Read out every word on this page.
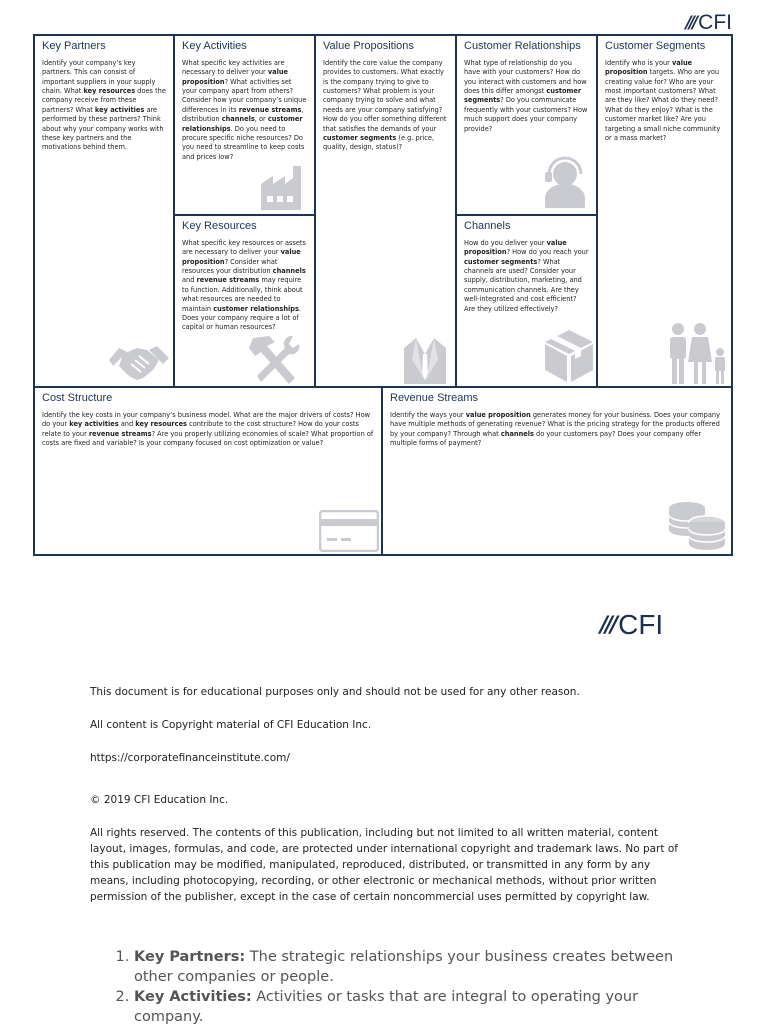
/// CFI
Key Partners

Identify your company’s key partners. This can consist of important suppliers in your supply chain. What key resources does the company receive from these partners? What key activities are performed by these partners? Think about why your company works with these key partners and the motivations behind them.

Key Activities

What specific key activities are necessary to deliver your value proposition? What activities set your company apart from others? Consider how your company’s unique differences in its revenue streams, distribution channels, or customer relationships. Do you need to procure specific niche resources? Do you need to streamline to keep costs and prices low?

Key Resources

What specific key resources or assets are necessary to deliver your value proposition? Consider what resources your distribution channels and revenue streams may require to function. Additionally, think about what resources are needed to maintain customer relationships. Does your company require a lot of capital or human resources?

Value Propositions

Identify the core value the company provides to customers. What exactly is the company trying to give to customers? What problem is your company trying to solve and what needs are your company satisfying? How do you offer something different that satisfies the demands of your customer segments (e.g. price, quality, design, status)?

Customer Relationships

What type of relationship do you have with your customers? How do you interact with customers and how does this differ amongst customer segments? Do you communicate frequently with your customers? How much support does your company provide?

Channels

How do you deliver your value proposition? How do you reach your customer segments? What channels are used? Consider your supply, distribution, marketing, and communication channels. Are they well-integrated and cost efficient? Are they utilized effectively?

Customer Segments

Identify who is your value proposition targets. Who are you creating value for? Who are your most important customers? What are they like? What do they need? What do they enjoy? What is the customer market like? Are you targeting a small niche community or a mass market?

Cost Structure

Identify the key costs in your company’s business model. What are the major drivers of costs? How do your key activities and key resources contribute to the cost structure? How do your costs relate to your revenue streams? Are you properly utilizing economies of scale? What proportion of costs are fixed and variable? Is your company focused on cost optimization or value?

Revenue Streams

Identify the ways your value proposition generates money for your business. Does your company have multiple methods of generating revenue? What is the pricing strategy for the products offered by your company? Through what channels do your customers pay? Does your company offer multiple forms of payment?

/// CFI

This document is for educational purposes only and should not be used for any other reason.

All content is Copyright material of CFI Education Inc.

https://corporatefinanceinstitute.com/

© 2019 CFI Education Inc.

All rights reserved. The contents of this publication, including but not limited to all written material, content layout, images, formulas, and code, are protected under international copyright and trademark laws. No part of this publication may be modified, manipulated, reproduced, distributed, or transmitted in any form by any means, including photocopying, recording, or other electronic or mechanical methods, without prior written permission of the publisher, except in the case of certain noncommercial uses permitted by copyright law.

1. Key Partners: The strategic relationships your business creates between other companies or people.
2. Key Activities: Activities or tasks that are integral to operating your company.
